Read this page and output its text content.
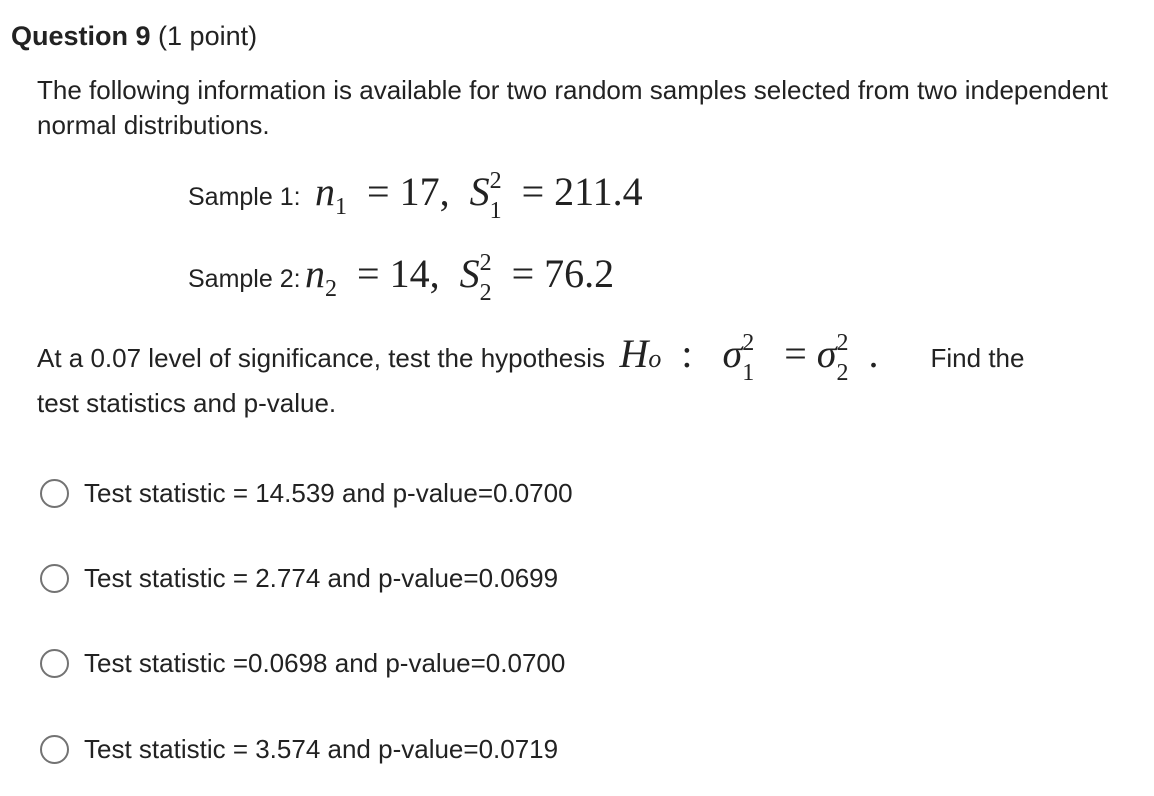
Question 9 (1 point)
The following information is available for two random samples selected from two independent normal distributions.
Sample 1: $n_1 = 17$, S 2
1 = 211.4
Sample 2: $n_2 = 14$, S 2
2 = 76.2
At a 0.07 level of significance, test the hypothesis Ho : σ 2
1 = σ 2
2 . Find the
test statistics and p-value.
Test statistic = 14.539 and p-value=0.0700
Test statistic = 2.774 and p-value=0.0699
Test statistic =0.0698 and p-value=0.0700
Test statistic = 3.574 and p-value=0.0719
